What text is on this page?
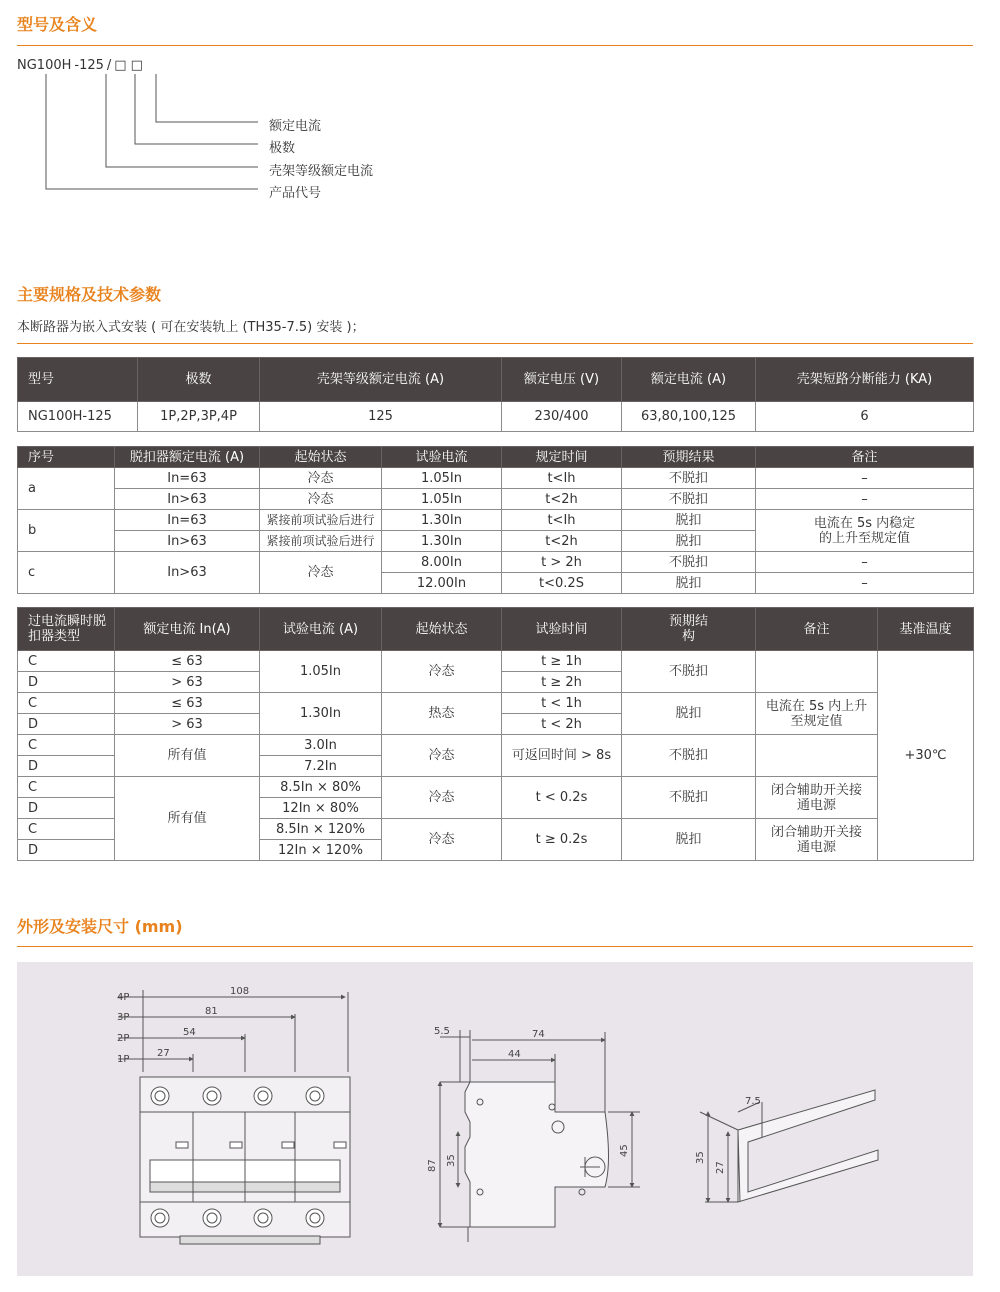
型号及含义
NG100H -125 / □ □
额定电流
极数
壳架等级额定电流
产品代号
主要规格及技术参数
本断路器为嵌入式安装 ( 可在安装轨上 (TH35-7.5) 安装 )；
型号	极数	壳架等级额定电流 (A)	额定电压 (V)	额定电流 (A)	壳架短路分断能力 (KA)
NG100H-125	1P,2P,3P,4P	125	230/400	63,80,100,125	6
序号	脱扣器额定电流 (A)	起始状态	试验电流	规定时间	预期结果	备注
a	In=63	冷态	1.05In	t<Ih	不脱扣	–
	In>63	冷态	1.05In	t<2h	不脱扣	–
b	In=63	紧接前项试验后进行	1.30In	t<Ih	脱扣	电流在 5s 内稳定的上升至规定值
	In>63	紧接前项试验后进行	1.30In	t<2h	脱扣	
c	In>63	冷态	8.00In	t > 2h	不脱扣	–
			12.00In	t<0.2S	脱扣	–
过电流瞬时脱扣器类型	额定电流 In(A)	试验电流 (A)	起始状态	试验时间	预期结构	备注	基准温度
C	≤ 63	1.05In	冷态	t ≥ 1h	不脱扣		+30℃
D	> 63			t ≥ 2h			
C	≤ 63	1.30In	热态	t < 1h	脱扣	电流在 5s 内上升至规定值	
D	> 63			t < 2h			
C	所有值	3.0In	冷态	可返回时间 > 8s	不脱扣		
D		7.2In					
C	所有值	8.5In × 80%	冷态	t < 0.2s	不脱扣	闭合辅助开关接通电源	
D		12In × 80%					
C		8.5In × 120%	冷态	t ≥ 0.2s	脱扣	闭合辅助开关接通电源	
D		12In × 120%					
外形及安装尺寸 (mm)
4P
3P
2P
1P
108
81
54
27
5.5	74
44
87 35
45
7.5
35
27
